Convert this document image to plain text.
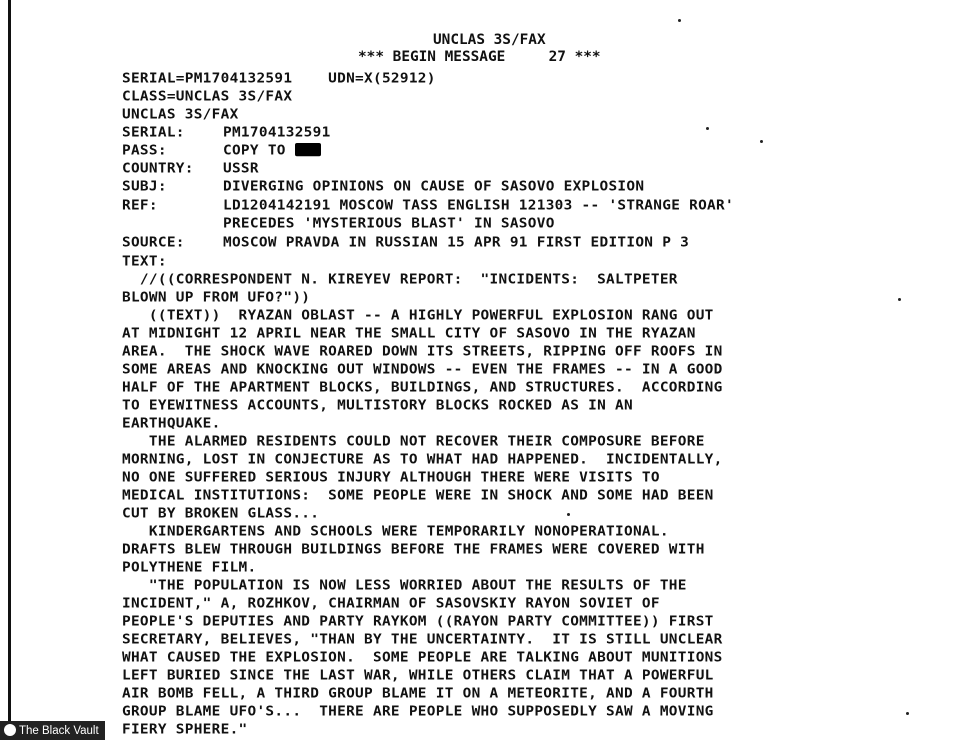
UNCLAS 3S/FAX
*** BEGIN MESSAGE     27 ***
SERIAL=PM1704132591    UDN=X(52912)
CLASS=UNCLAS 3S/FAX
UNCLAS 3S/FAX
SERIAL:	PM1704132591
PASS:	COPY TO
COUNTRY: USSR
SUBJ:	DIVERGING OPINIONS ON CAUSE OF SASOVO EXPLOSION
REF:	LD1204142191 MOSCOW TASS ENGLISH 121303 -- 'STRANGE ROAR'
PRECEDES 'MYSTERIOUS BLAST' IN SASOVO
SOURCE:	MOSCOW PRAVDA IN RUSSIAN 15 APR 91 FIRST EDITION P 3
TEXT:
//((CORRESPONDENT N. KIREYEV REPORT:  "INCIDENTS:  SALTPETER
BLOWN UP FROM UFO?"))
((TEXT))  RYAZAN OBLAST -- A HIGHLY POWERFUL EXPLOSION RANG OUT
AT MIDNIGHT 12 APRIL NEAR THE SMALL CITY OF SASOVO IN THE RYAZAN
AREA.  THE SHOCK WAVE ROARED DOWN ITS STREETS, RIPPING OFF ROOFS IN
SOME AREAS AND KNOCKING OUT WINDOWS -- EVEN THE FRAMES -- IN A GOOD
HALF OF THE APARTMENT BLOCKS, BUILDINGS, AND STRUCTURES.  ACCORDING
TO EYEWITNESS ACCOUNTS, MULTISTORY BLOCKS ROCKED AS IN AN
EARTHQUAKE.
THE ALARMED RESIDENTS COULD NOT RECOVER THEIR COMPOSURE BEFORE
MORNING, LOST IN CONJECTURE AS TO WHAT HAD HAPPENED.  INCIDENTALLY,
NO ONE SUFFERED SERIOUS INJURY ALTHOUGH THERE WERE VISITS TO
MEDICAL INSTITUTIONS:  SOME PEOPLE WERE IN SHOCK AND SOME HAD BEEN
CUT BY BROKEN GLASS...
KINDERGARTENS AND SCHOOLS WERE TEMPORARILY NONOPERATIONAL.
DRAFTS BLEW THROUGH BUILDINGS BEFORE THE FRAMES WERE COVERED WITH
POLYTHENE FILM.
"THE POPULATION IS NOW LESS WORRIED ABOUT THE RESULTS OF THE
INCIDENT," A, ROZHKOV, CHAIRMAN OF SASOVSKIY RAYON SOVIET OF
PEOPLE'S DEPUTIES AND PARTY RAYKOM ((RAYON PARTY COMMITTEE)) FIRST
SECRETARY, BELIEVES, "THAN BY THE UNCERTAINTY.  IT IS STILL UNCLEAR
WHAT CAUSED THE EXPLOSION.  SOME PEOPLE ARE TALKING ABOUT MUNITIONS
LEFT BURIED SINCE THE LAST WAR, WHILE OTHERS CLAIM THAT A POWERFUL
AIR BOMB FELL, A THIRD GROUP BLAME IT ON A METEORITE, AND A FOURTH
GROUP BLAME UFO'S...  THERE ARE PEOPLE WHO SUPPOSEDLY SAW A MOVING
FIERY SPHERE."
The Black Vault
